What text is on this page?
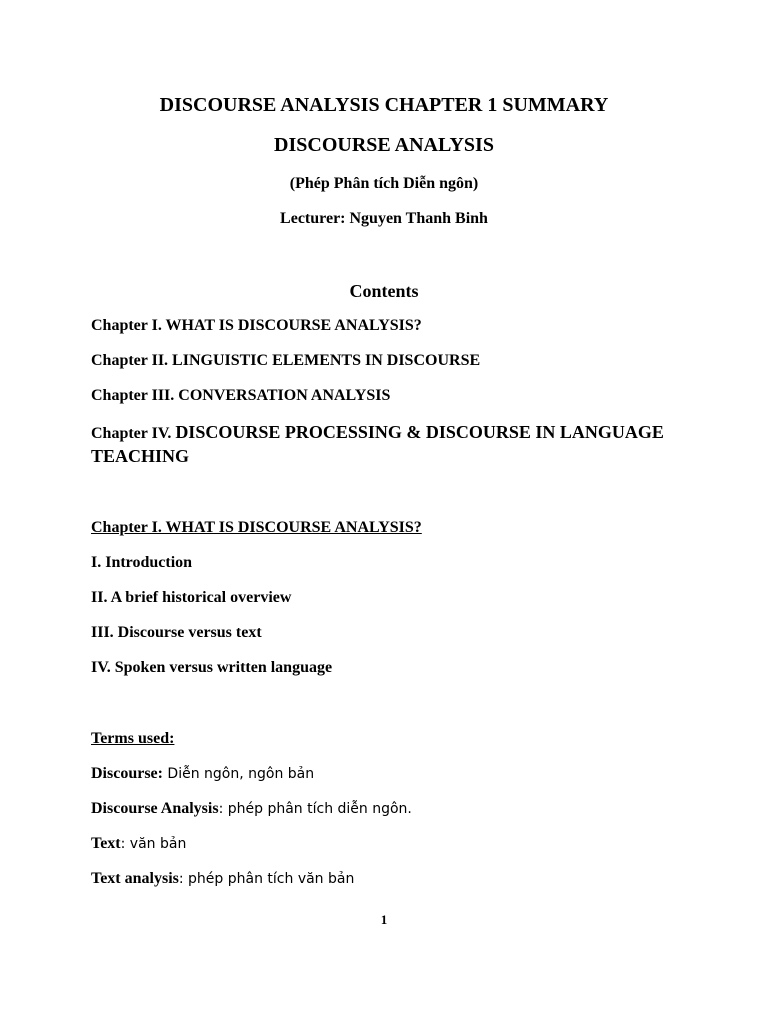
DISCOURSE ANALYSIS CHAPTER 1 SUMMARY
DISCOURSE ANALYSIS
(Phép Phân tích Diễn ngôn)
Lecturer: Nguyen Thanh Binh
Contents
Chapter I. WHAT IS DISCOURSE ANALYSIS?
Chapter II. LINGUISTIC ELEMENTS IN DISCOURSE
Chapter III. CONVERSATION ANALYSIS
Chapter IV. DISCOURSE PROCESSING & DISCOURSE IN LANGUAGE
TEACHING
Chapter I. WHAT IS DISCOURSE ANALYSIS?
I. Introduction
II. A brief historical overview
III. Discourse versus text
IV. Spoken versus written language
Terms used:
Discourse: Diễn ngôn, ngôn bản
Discourse Analysis: phép phân tích diễn ngôn.
Text: văn bản
Text analysis: phép phân tích văn bản
1
